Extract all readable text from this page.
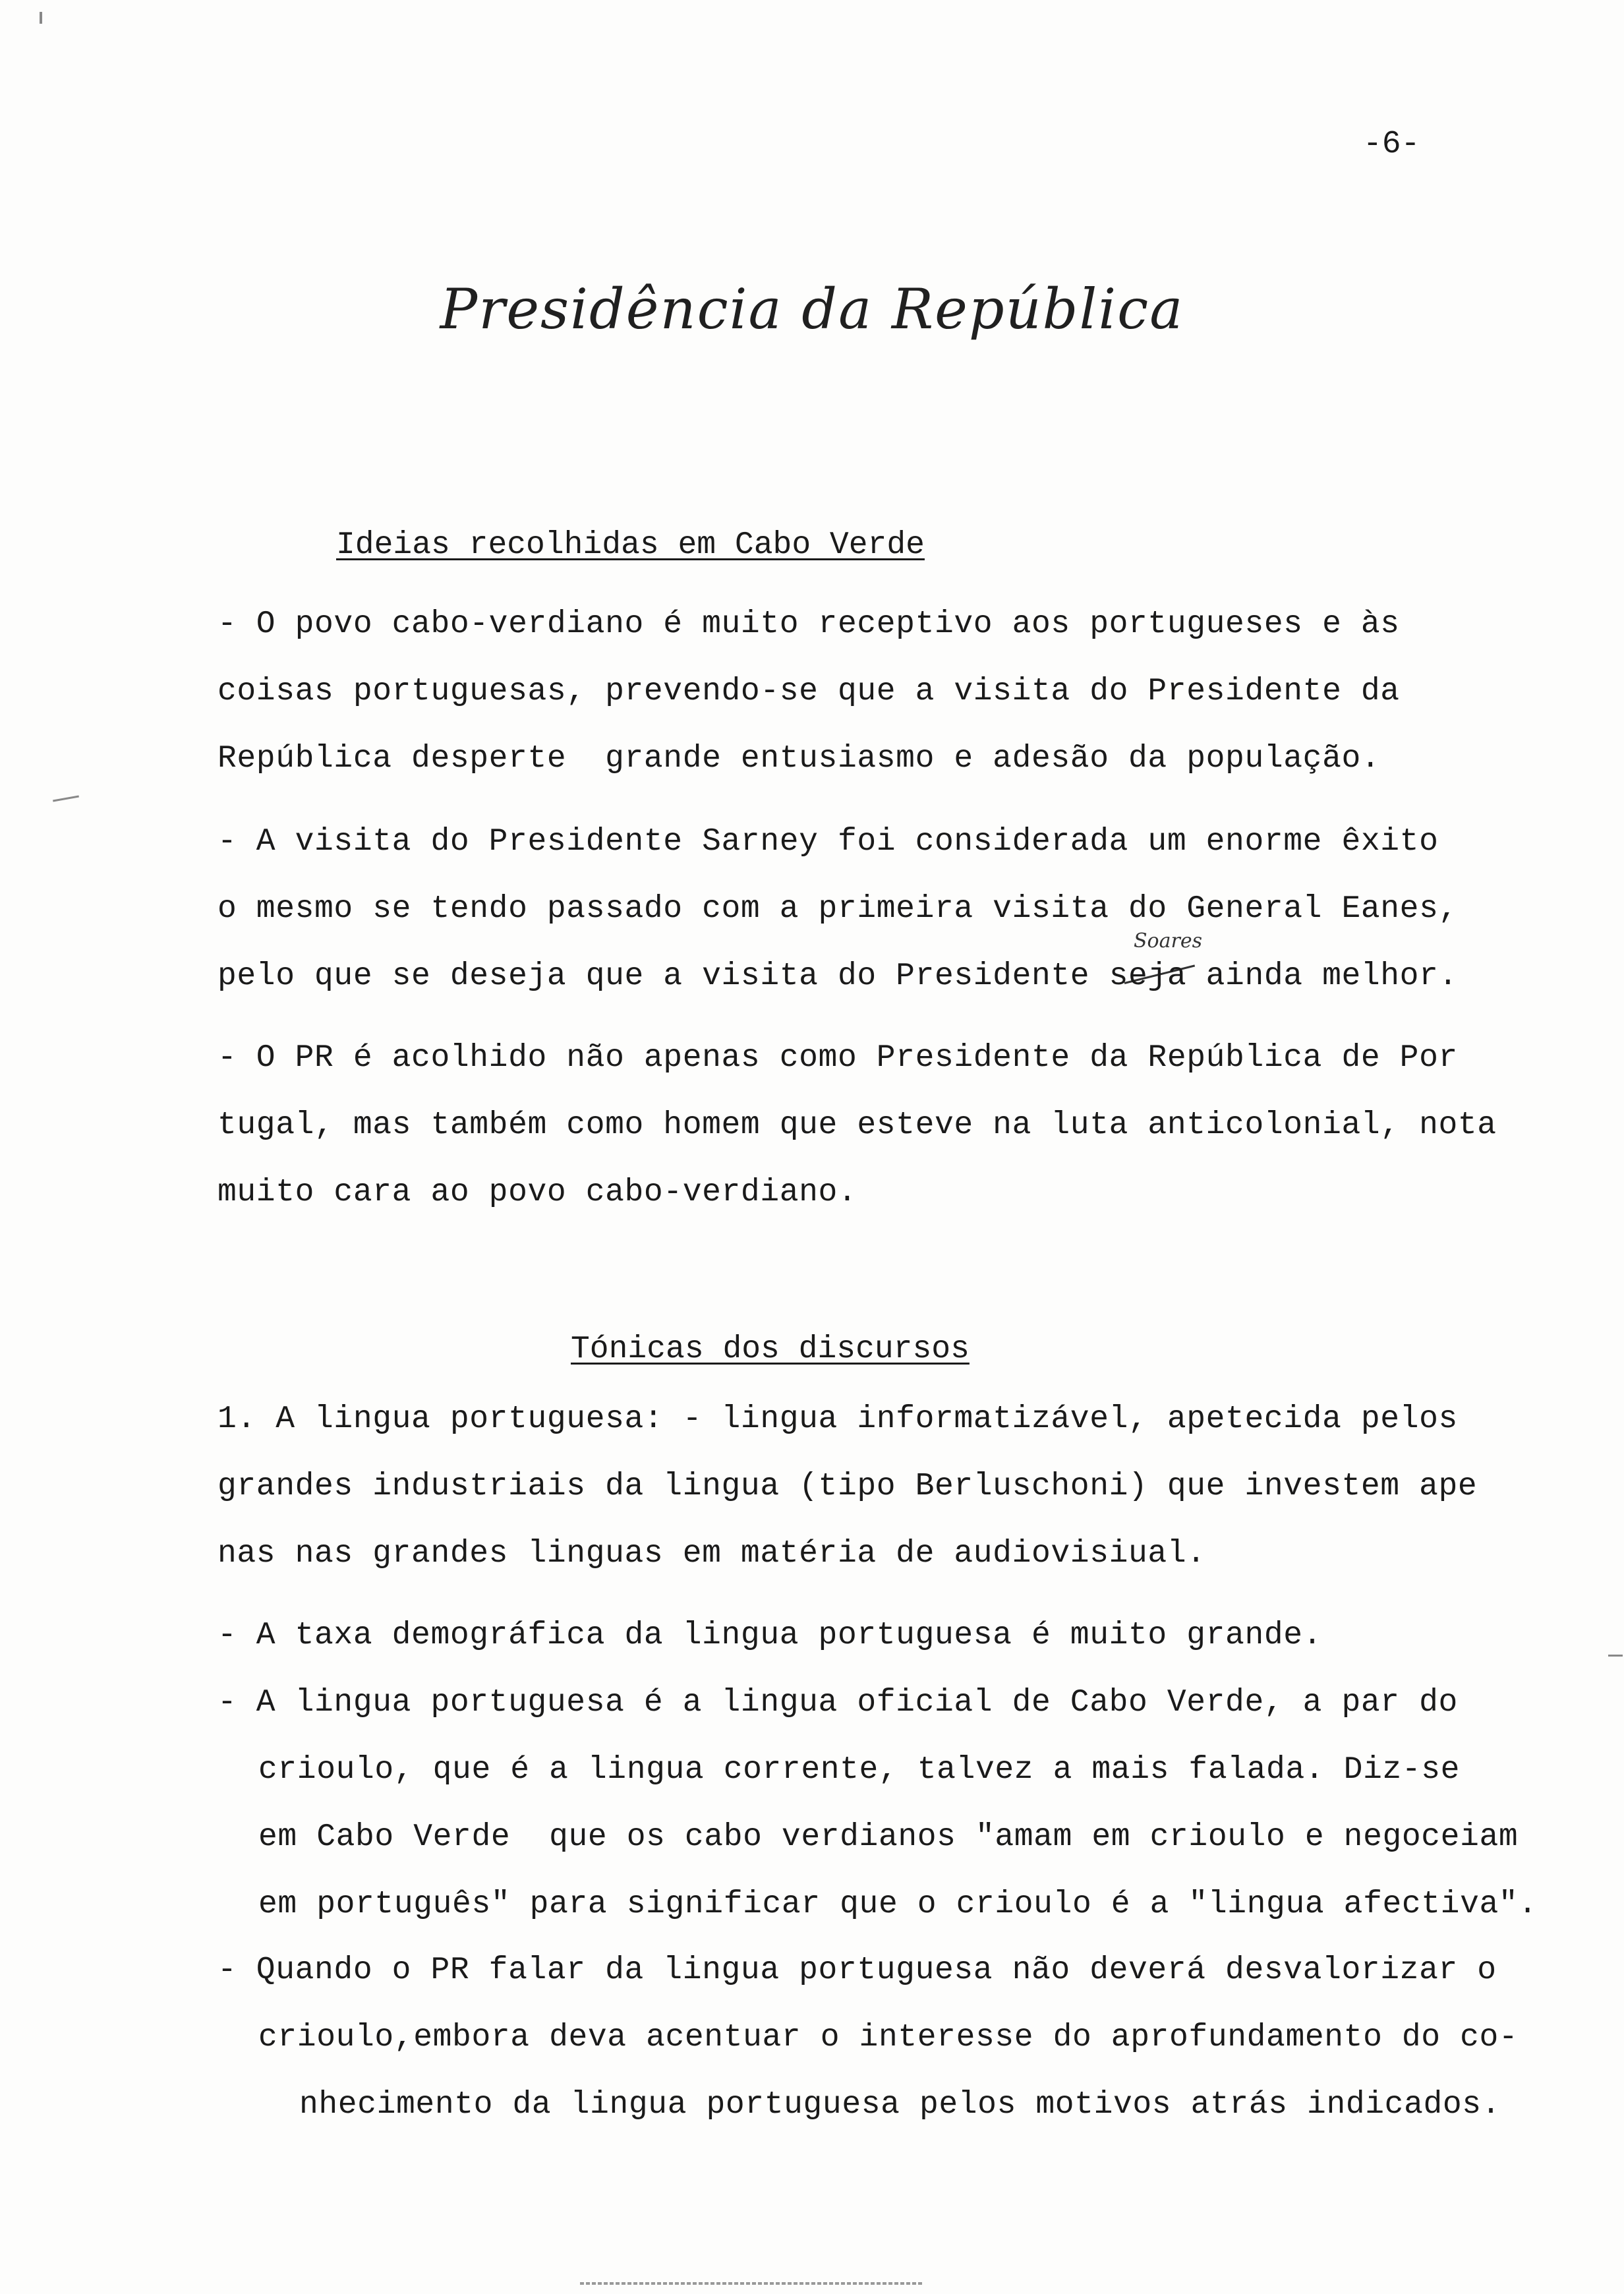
-6-
Presidência da República
Ideias recolhidas em Cabo Verde
- O povo cabo-verdiano é muito receptivo aos portugueses e às
coisas portuguesas, prevendo-se que a visita do Presidente da
República desperte  grande entusiasmo e adesão da população.
- A visita do Presidente Sarney foi considerada um enorme êxito
o mesmo se tendo passado com a primeira visita do General Eanes,
Soares
pelo que se deseja que a visita do Presidente seja ainda melhor.
- O PR é acolhido não apenas como Presidente da República de Por
tugal, mas também como homem que esteve na luta anticolonial, nota
muito cara ao povo cabo-verdiano.
Tónicas dos discursos
1. A lingua portuguesa: - lingua informatizável, apetecida pelos
grandes industriais da lingua (tipo Berluschoni) que investem ape
nas nas grandes linguas em matéria de audiovisiual.
- A taxa demográfica da lingua portuguesa é muito grande.
- A lingua portuguesa é a lingua oficial de Cabo Verde, a par do
crioulo, que é a lingua corrente, talvez a mais falada. Diz-se
em Cabo Verde  que os cabo verdianos "amam em crioulo e negoceiam
em português" para significar que o crioulo é a "lingua afectiva".
- Quando o PR falar da lingua portuguesa não deverá desvalorizar o
crioulo,embora deva acentuar o interesse do aprofundamento do co-
nhecimento da lingua portuguesa pelos motivos atrás indicados.
